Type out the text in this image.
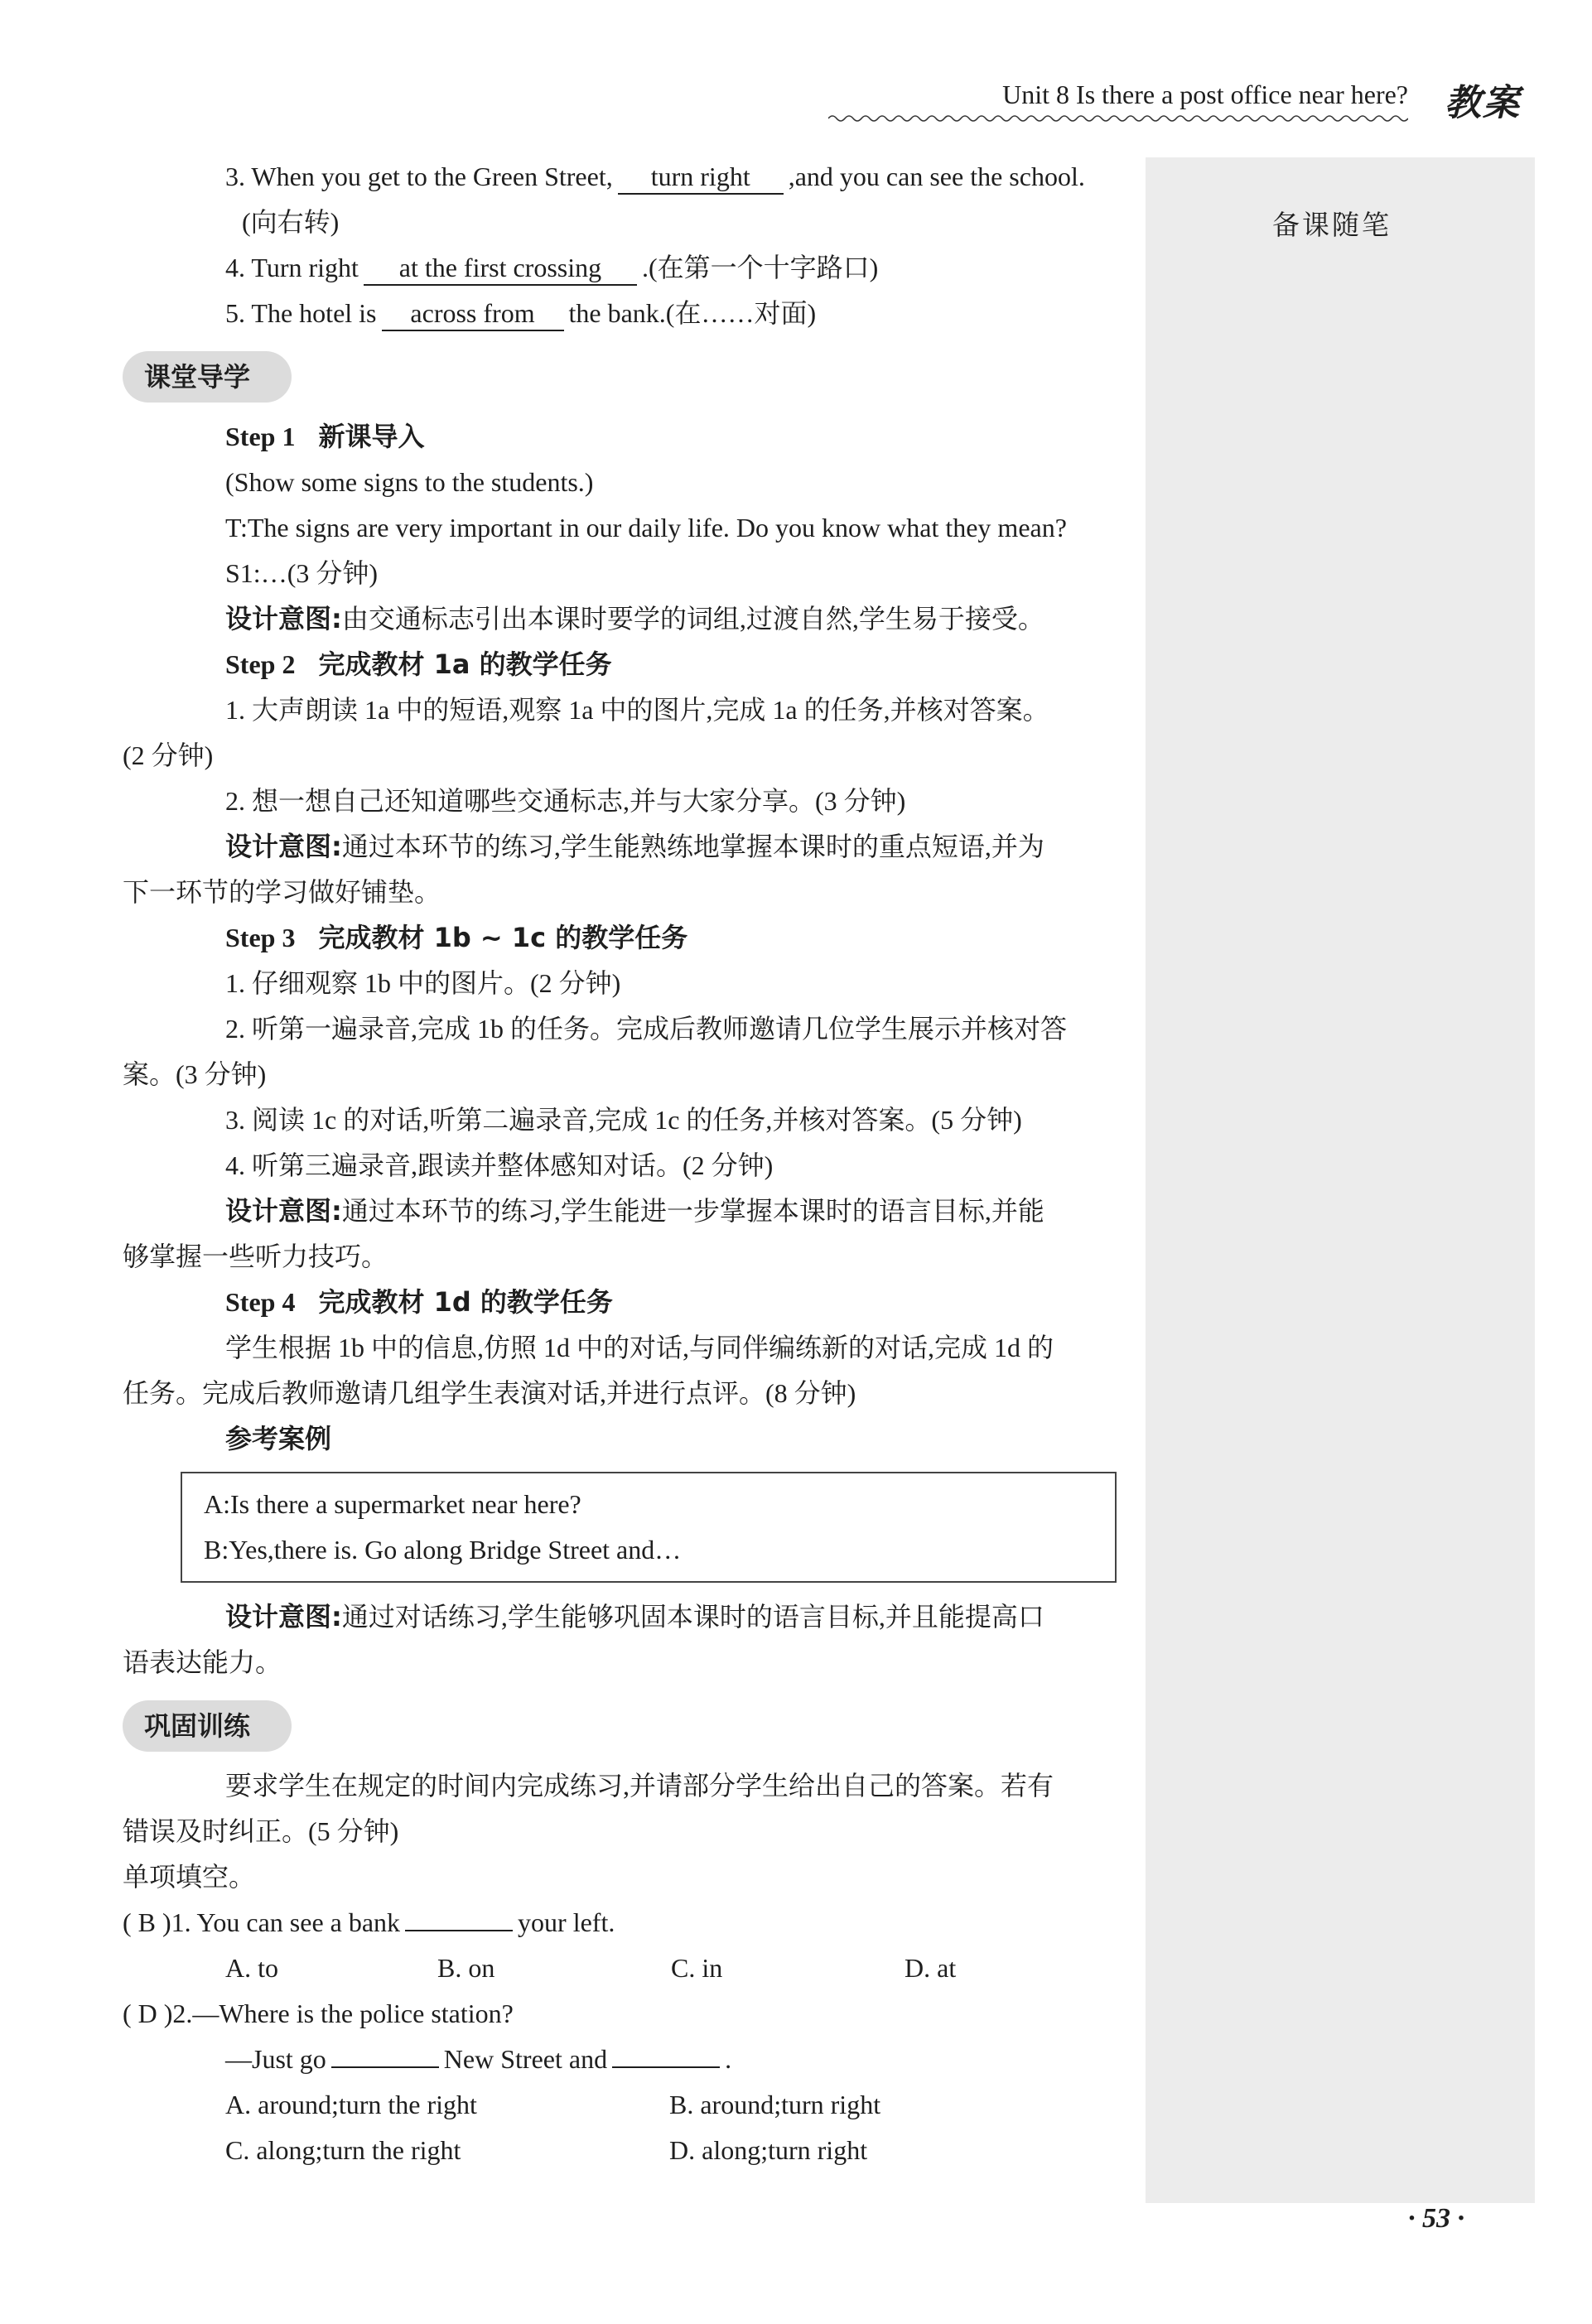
备课随笔
Unit 8 Is there a post office near here? 教案
3. When you get to the Green Street, turn right ,and you can see the school.
(向右转)
4. Turn right at the first crossing .(在第一个十字路口)
5. The hotel is across from the bank.(在……对面)
课堂导学
Step 1 新课导入
(Show some signs to the students.)
T:The signs are very important in our daily life. Do you know what they mean?
S1:…(3 分钟)
设计意图:由交通标志引出本课时要学的词组,过渡自然,学生易于接受。
Step 2 完成教材 1a 的教学任务
1. 大声朗读 1a 中的短语,观察 1a 中的图片,完成 1a 的任务,并核对答案。
(2 分钟)
2. 想一想自己还知道哪些交通标志,并与大家分享。(3 分钟)
设计意图:通过本环节的练习,学生能熟练地掌握本课时的重点短语,并为
下一环节的学习做好铺垫。
Step 3 完成教材 1b ~ 1c 的教学任务
1. 仔细观察 1b 中的图片。(2 分钟)
2. 听第一遍录音,完成 1b 的任务。完成后教师邀请几位学生展示并核对答
案。(3 分钟)
3. 阅读 1c 的对话,听第二遍录音,完成 1c 的任务,并核对答案。(5 分钟)
4. 听第三遍录音,跟读并整体感知对话。(2 分钟)
设计意图:通过本环节的练习,学生能进一步掌握本课时的语言目标,并能
够掌握一些听力技巧。
Step 4 完成教材 1d 的教学任务
学生根据 1b 中的信息,仿照 1d 中的对话,与同伴编练新的对话,完成 1d 的
任务。完成后教师邀请几组学生表演对话,并进行点评。(8 分钟)
参考案例
A:Is there a supermarket near here?
B:Yes,there is. Go along Bridge Street and…
设计意图:通过对话练习,学生能够巩固本课时的语言目标,并且能提高口
语表达能力。
巩固训练
要求学生在规定的时间内完成练习,并请部分学生给出自己的答案。若有
错误及时纠正。(5 分钟)
单项填空。
( B )1. You can see a bank	your left.
A. to	B. on	C. in	D. at
( D )2.—Where is the police station?
—Just go	New Street and	.
A. around;turn the right	B. around;turn right
C. along;turn the right	D. along;turn right
· 53 ·
